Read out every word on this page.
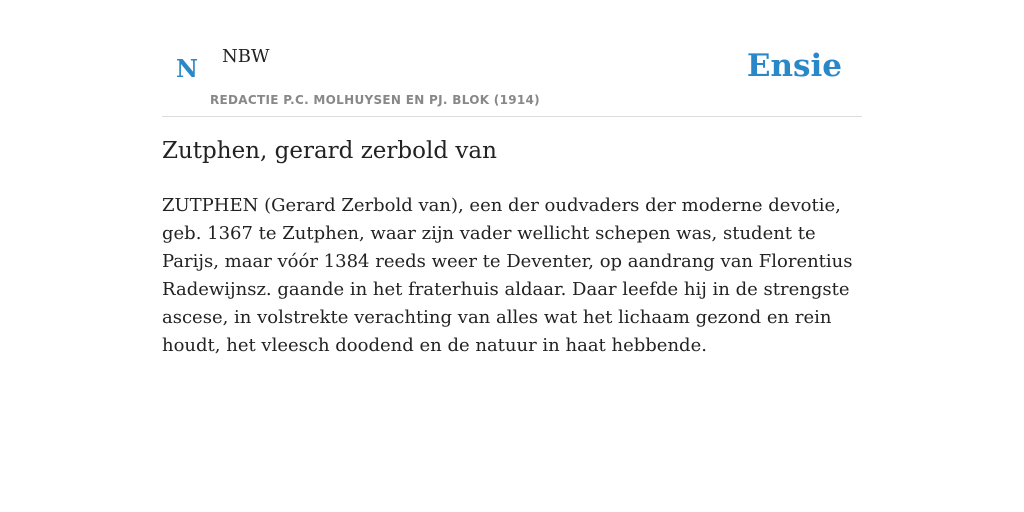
N NBW
REDACTIE P.C. MOLHUYSEN EN PJ. BLOK (1914)
Ensie
Zutphen, gerard zerbold van

ZUTPHEN (Gerard Zerbold van), een der oudvaders der moderne devotie, geb. 1367 te Zutphen, waar zijn vader wellicht schepen was, student te Parijs, maar vóór 1384 reeds weer te Deventer, op aandrang van Florentius Radewijnsz. gaande in het fraterhuis aldaar. Daar leefde hij in de strengste ascese, in volstrekte verachting van alles wat het lichaam gezond en rein houdt, het vleesch doodend en de natuur in haat hebbende.
